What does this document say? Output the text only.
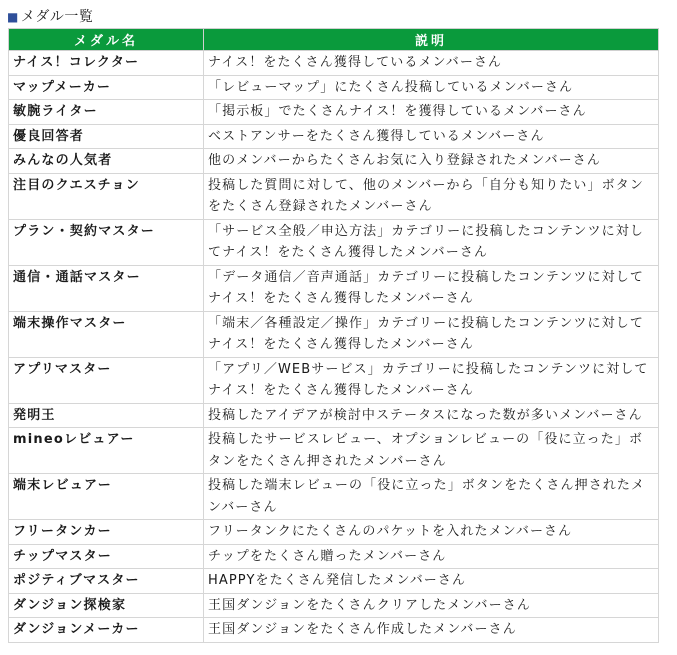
■ メダル一覧
メダル名	説明
ナイス！コレクター	ナイス！をたくさん獲得しているメンバーさん
マップメーカー	「レビューマップ」にたくさん投稿しているメンバーさん
敏腕ライター	「掲示板」でたくさんナイス！を獲得しているメンバーさん
優良回答者	ベストアンサーをたくさん獲得しているメンバーさん
みんなの人気者	他のメンバーからたくさんお気に入り登録されたメンバーさん
注目のクエスチョン	投稿した質問に対して、他のメンバーから「自分も知りたい」ボタンをたくさん登録されたメンバーさん
プラン・契約マスター	「サービス全般／申込方法」カテゴリーに投稿したコンテンツに対してナイス！をたくさん獲得したメンバーさん
通信・通話マスター	「データ通信／音声通話」カテゴリーに投稿したコンテンツに対してナイス！をたくさん獲得したメンバーさん
端末操作マスター	「端末／各種設定／操作」カテゴリーに投稿したコンテンツに対してナイス！をたくさん獲得したメンバーさん
アプリマスター	「アプリ／WEBサービス」カテゴリーに投稿したコンテンツに対してナイス！をたくさん獲得したメンバーさん
発明王	投稿したアイデアが検討中ステータスになった数が多いメンバーさん
mineoレビュアー	投稿したサービスレビュー、オプションレビューの「役に立った」ボタンをたくさん押されたメンバーさん
端末レビュアー	投稿した端末レビューの「役に立った」ボタンをたくさん押されたメンバーさん
フリータンカー	フリータンクにたくさんのパケットを入れたメンバーさん
チップマスター	チップをたくさん贈ったメンバーさん
ポジティブマスター	HAPPYをたくさん発信したメンバーさん
ダンジョン探検家	王国ダンジョンをたくさんクリアしたメンバーさん
ダンジョンメーカー	王国ダンジョンをたくさん作成したメンバーさん
